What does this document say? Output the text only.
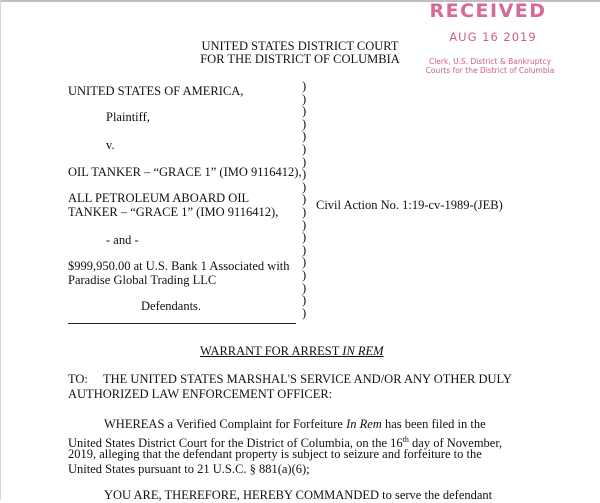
RECEIVED
AUG 16 2019
Clerk, U.S. District & Bankruptcy
Courts for the District of Columbia
UNITED STATES DISTRICT COURT
FOR THE DISTRICT OF COLUMBIA
UNITED STATES OF AMERICA,
Plaintiff,
v.
OIL TANKER – “GRACE 1” (IMO 9116412),
ALL PETROLEUM ABOARD OIL
TANKER – “GRACE 1” (IMO 9116412),
- and -
$999,950.00 at U.S. Bank 1 Associated with
Paradise Global Trading LLC
Defendants.
)
)
)
)
)
)
)
)
)
)
)
)
)
)
)
)
)
)
)
Civil Action No. 1:19-cv-1989-(JEB)
WARRANT FOR ARREST IN REM
TO: THE UNITED STATES MARSHAL'S SERVICE AND/OR ANY OTHER DULY
AUTHORIZED LAW ENFORCEMENT OFFICER:
WHEREAS a Verified Complaint for Forfeiture In Rem has been filed in the
United States District Court for the District of Columbia, on the 16th day of November,
2019, alleging that the defendant property is subject to seizure and forfeiture to the
United States pursuant to 21 U.S.C. § 881(a)(6);
YOU ARE, THEREFORE, HEREBY COMMANDED to serve the defendant
